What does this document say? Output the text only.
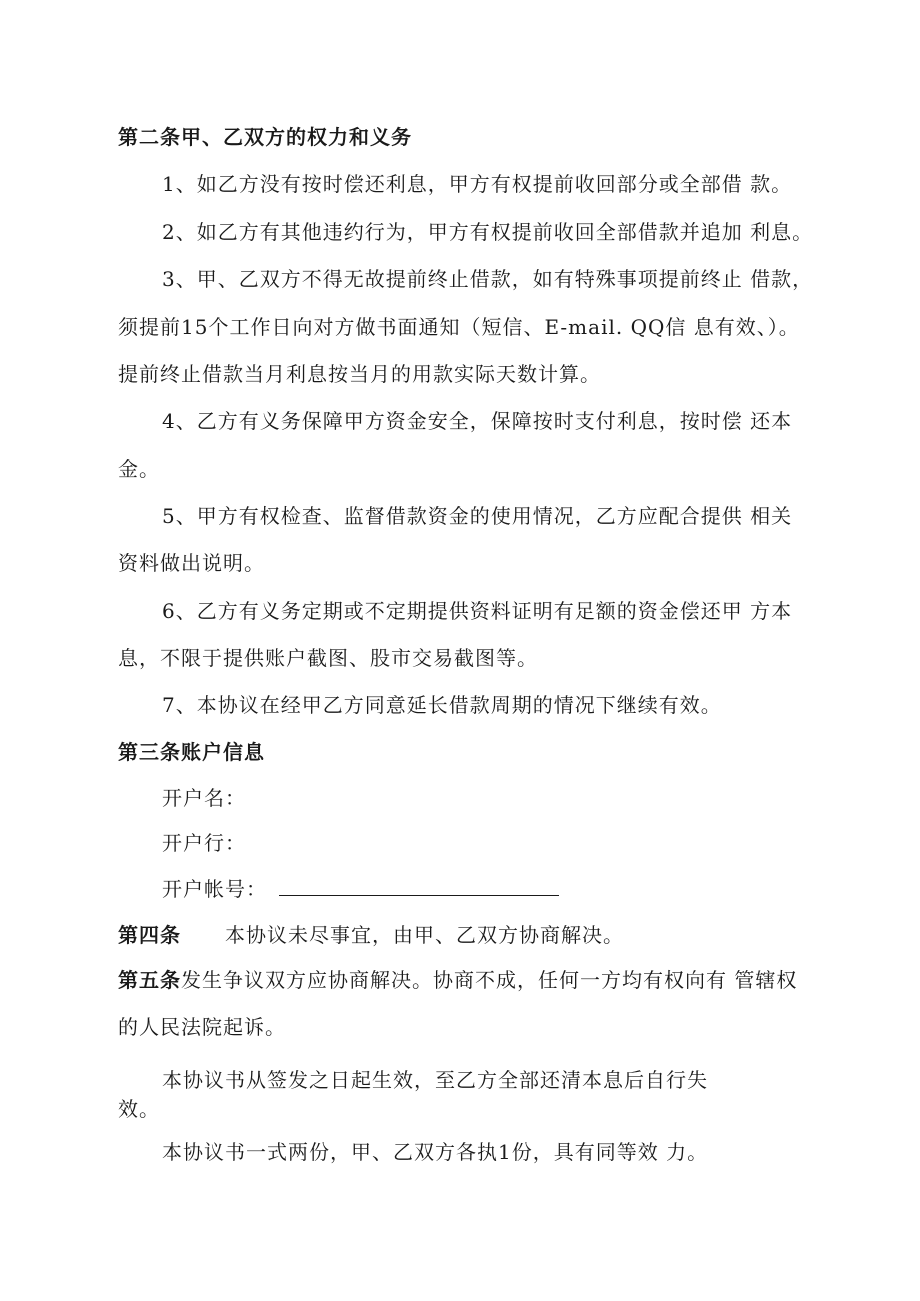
第二条甲、乙双方的权力和义务
1、如乙方没有按时偿还利息，甲方有权提前收回部分或全部借 款。
2、如乙方有其他违约行为，甲方有权提前收回全部借款并追加 利息。
3、甲、乙双方不得无故提前终止借款，如有特殊事项提前终止 借款，
须提前15个工作日向对方做书面通知（短信、E-mail. QQ信 息有效、）。
提前终止借款当月利息按当月的用款实际天数计算。
4、乙方有义务保障甲方资金安全，保障按时支付利息，按时偿 还本
金。
5、甲方有权检查、监督借款资金的使用情况，乙方应配合提供 相关
资料做出说明。
6、乙方有义务定期或不定期提供资料证明有足额的资金偿还甲 方本
息，不限于提供账户截图、股市交易截图等。
7、本协议在经甲乙方同意延长借款周期的情况下继续有效。
第三条账户信息
开户名：
开户行：
开户帐号：
第四条 本协议未尽事宜，由甲、乙双方协商解决。
第五条发生争议双方应协商解决。协商不成，任何一方均有权向有 管辖权
的人民法院起诉。
本协议书从签发之日起生效，至乙方全部还清本息后自行失
效。
本协议书一式两份，甲、乙双方各执1份，具有同等效 力。
